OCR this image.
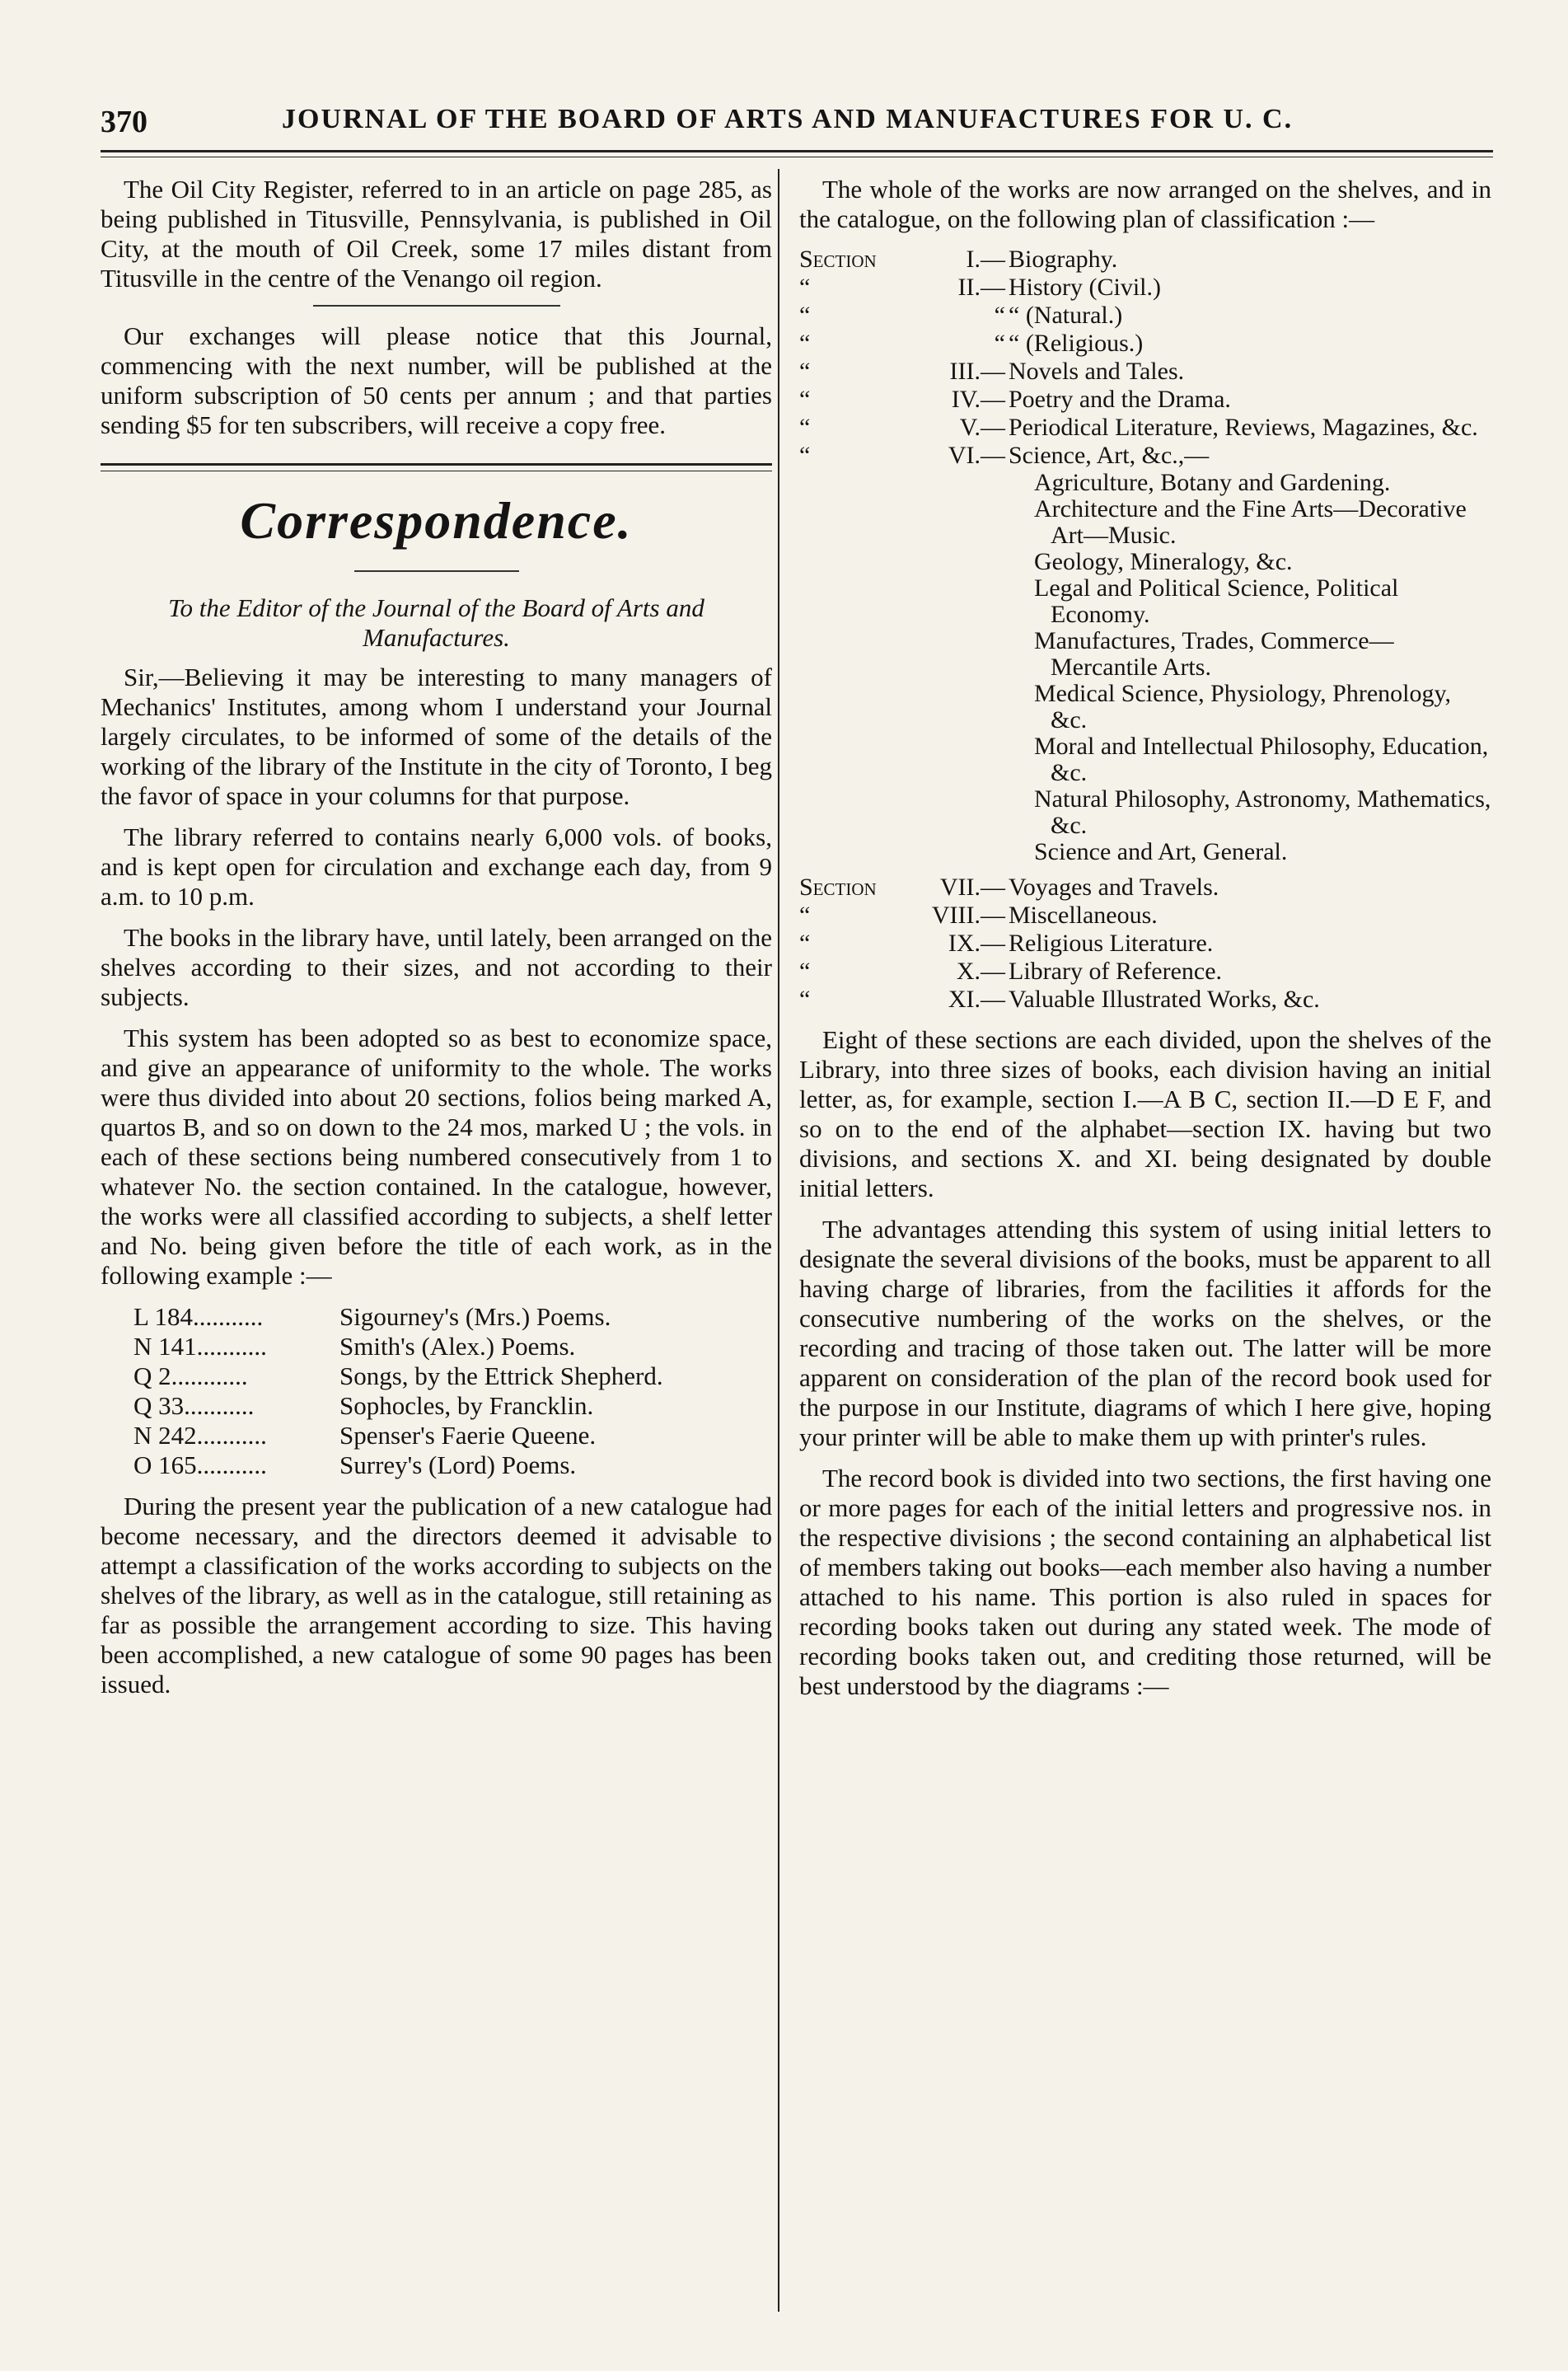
370	JOURNAL OF THE BOARD OF ARTS AND MANUFACTURES FOR U. C.

The Oil City Register, referred to in an article on page 285, as being published in Titusville, Pennsylvania, is published in Oil City, at the mouth of Oil Creek, some 17 miles distant from Titusville in the centre of the Venango oil region.

Our exchanges will please notice that this Journal, commencing with the next number, will be published at the uniform subscription of 50 cents per annum ; and that parties sending $5 for ten subscribers, will receive a copy free.

Correspondence.
To the Editor of the Journal of the Board of Arts and Manufactures.

Sir,—Believing it may be interesting to many managers of Mechanics' Institutes, among whom I understand your Journal largely circulates, to be informed of some of the details of the working of the library of the Institute in the city of Toronto, I beg the favor of space in your columns for that purpose.

The library referred to contains nearly 6,000 vols. of books, and is kept open for circulation and exchange each day, from 9 a.m. to 10 p.m.

The books in the library have, until lately, been arranged on the shelves according to their sizes, and not according to their subjects.

This system has been adopted so as best to economize space, and give an appearance of uniformity to the whole. The works were thus divided into about 20 sections, folios being marked A, quartos B, and so on down to the 24 mos, marked U ; the vols. in each of these sections being numbered consecutively from 1 to whatever No. the section contained. In the catalogue, however, the works were all classified according to subjects, a shelf letter and No. being given before the title of each work, as in the following example :—

L 184...........	Sigourney's (Mrs.) Poems.
N 141...........	Smith's (Alex.) Poems.
Q 2............	Songs, by the Ettrick Shepherd.
Q 33...........	Sophocles, by Francklin.
N 242...........	Spenser's Faerie Queene.
O 165...........	Surrey's (Lord) Poems.

During the present year the publication of a new catalogue had become necessary, and the directors deemed it advisable to attempt a classification of the works according to subjects on the shelves of the library, as well as in the catalogue, still retaining as far as possible the arrangement according to size. This having been accomplished, a new catalogue of some 90 pages has been issued.

The whole of the works are now arranged on the shelves, and in the catalogue, on the following plan of classification :—

Section	I.— Biography.
“	II.— History (Civil.)
“	“ “ (Natural.)
“	“ “ (Religious.)
“	III.— Novels and Tales.
“	IV.— Poetry and the Drama.
“	V.— Periodical Literature, Reviews, Magazines, &c.
“	VI.— Science, Art, &c.,—
Agriculture, Botany and Gardening.
Architecture and the Fine Arts—Decorative Art—Music.
Geology, Mineralogy, &c.
Legal and Political Science, Political Economy.
Manufactures, Trades, Commerce—Mercantile Arts.
Medical Science, Physiology, Phrenology, &c.
Moral and Intellectual Philosophy, Education, &c.
Natural Philosophy, Astronomy, Mathematics, &c.
Science and Art, General.
Section	VII.— Voyages and Travels.
“	VIII.— Miscellaneous.
“	IX.— Religious Literature.
“	X.— Library of Reference.
“	XI.— Valuable Illustrated Works, &c.

Eight of these sections are each divided, upon the shelves of the Library, into three sizes of books, each division having an initial letter, as, for example, section I.—A B C, section II.—D E F, and so on to the end of the alphabet—section IX. having but two divisions, and sections X. and XI. being designated by double initial letters.

The advantages attending this system of using initial letters to designate the several divisions of the books, must be apparent to all having charge of libraries, from the facilities it affords for the consecutive numbering of the works on the shelves, or the recording and tracing of those taken out. The latter will be more apparent on consideration of the plan of the record book used for the purpose in our Institute, diagrams of which I here give, hoping your printer will be able to make them up with printer's rules.

The record book is divided into two sections, the first having one or more pages for each of the initial letters and progressive nos. in the respective divisions ; the second containing an alphabetical list of members taking out books—each member also having a number attached to his name. This portion is also ruled in spaces for recording books taken out during any stated week. The mode of recording books taken out, and crediting those returned, will be best understood by the diagrams :—
